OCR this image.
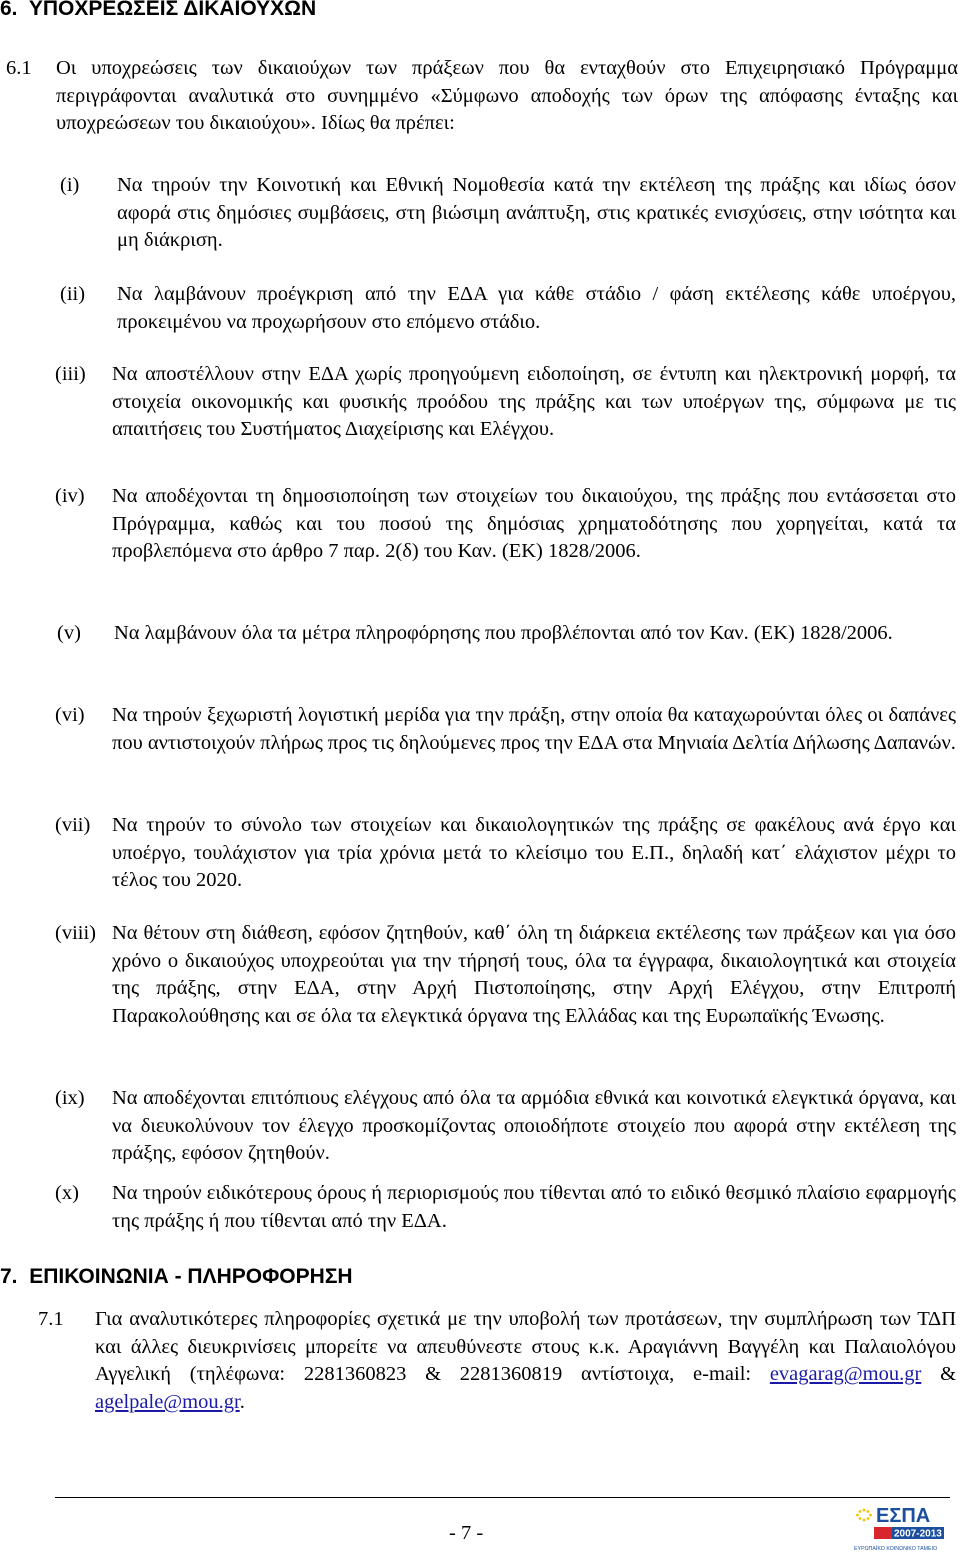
6. ΥΠΟΧΡΕΩΣΕΙΣ ΔΙΚΑΙΟΥΧΩΝ
6.1	Οι υποχρεώσεις των δικαιούχων των πράξεων που θα ενταχθούν στο Επιχειρησιακό Πρόγραμμα περιγράφονται αναλυτικά στο συνημμένο «Σύμφωνο αποδοχής των όρων της απόφασης ένταξης και υποχρεώσεων του δικαιούχου». Ιδίως θα πρέπει:
(i)	Να τηρούν την Κοινοτική και Εθνική Νομοθεσία κατά την εκτέλεση της πράξης και ιδίως όσον αφορά στις δημόσιες συμβάσεις, στη βιώσιμη ανάπτυξη, στις κρατικές ενισχύσεις, στην ισότητα και μη διάκριση.
(ii)	Να λαμβάνουν προέγκριση από την ΕΔΑ για κάθε στάδιο / φάση εκτέλεσης κάθε υποέργου, προκειμένου να προχωρήσουν στο επόμενο στάδιο.
(iii)	Να αποστέλλουν στην ΕΔΑ χωρίς προηγούμενη ειδοποίηση, σε έντυπη και ηλεκτρονική μορφή, τα στοιχεία οικονομικής και φυσικής προόδου της πράξης και των υποέργων της, σύμφωνα με τις απαιτήσεις του Συστήματος Διαχείρισης και Ελέγχου.
(iv)	Να αποδέχονται τη δημοσιοποίηση των στοιχείων του δικαιούχου, της πράξης που εντάσσεται στο Πρόγραμμα, καθώς και του ποσού της δημόσιας χρηματοδότησης που χορηγείται, κατά τα προβλεπόμενα στο άρθρο 7 παρ. 2(δ) του Καν. (ΕΚ) 1828/2006.
(v)	Να λαμβάνουν όλα τα μέτρα πληροφόρησης που προβλέπονται από τον Καν. (ΕΚ) 1828/2006.
(vi)	Να τηρούν ξεχωριστή λογιστική μερίδα για την πράξη, στην οποία θα καταχωρούνται όλες οι δαπάνες που αντιστοιχούν πλήρως προς τις δηλούμενες προς την ΕΔΑ στα Μηνιαία Δελτία Δήλωσης Δαπανών.
(vii)	Να τηρούν το σύνολο των στοιχείων και δικαιολογητικών της πράξης σε φακέλους ανά έργο και υποέργο, τουλάχιστον για τρία χρόνια μετά το κλείσιμο του Ε.Π., δηλαδή κατ΄ ελάχιστον μέχρι το τέλος του 2020.
(viii) Να θέτουν στη διάθεση, εφόσον ζητηθούν, καθ΄ όλη τη διάρκεια εκτέλεσης των πράξεων και για όσο χρόνο ο δικαιούχος υποχρεούται για την τήρησή τους, όλα τα έγγραφα, δικαιολογητικά και στοιχεία της πράξης, στην ΕΔΑ, στην Αρχή Πιστοποίησης, στην Αρχή Ελέγχου, στην Επιτροπή Παρακολούθησης και σε όλα τα ελεγκτικά όργανα της Ελλάδας και της Ευρωπαϊκής Ένωσης.
(ix)	Να αποδέχονται επιτόπιους ελέγχους από όλα τα αρμόδια εθνικά και κοινοτικά ελεγκτικά όργανα, και να διευκολύνουν τον έλεγχο προσκομίζοντας οποιοδήποτε στοιχείο που αφορά στην εκτέλεση της πράξης, εφόσον ζητηθούν.
(x)	Να τηρούν ειδικότερους όρους ή περιορισμούς που τίθενται από το ειδικό θεσμικό πλαίσιο εφαρμογής της πράξης ή που τίθενται από την ΕΔΑ.
7. ΕΠΙΚΟΙΝΩΝΙΑ - ΠΛΗΡΟΦΟΡΗΣΗ
7.1	Για αναλυτικότερες πληροφορίες σχετικά με την υποβολή των προτάσεων, την συμπλήρωση των ΤΔΠ και άλλες διευκρινίσεις μπορείτε να απευθύνεστε στους κ.κ. Αραγιάννη Βαγγέλη και Παλαιολόγου Αγγελική (τηλέφωνα: 2281360823 & 2281360819 αντίστοιχα, e-mail: evagarag@mou.gr & agelpale@mou.gr.
- 7 -
ΕΣΠΑ
2007-2013
ΕΥΡΩΠΑΪΚΟ ΚΟΙΝΩΝΙΚΟ ΤΑΜΕΙΟ
